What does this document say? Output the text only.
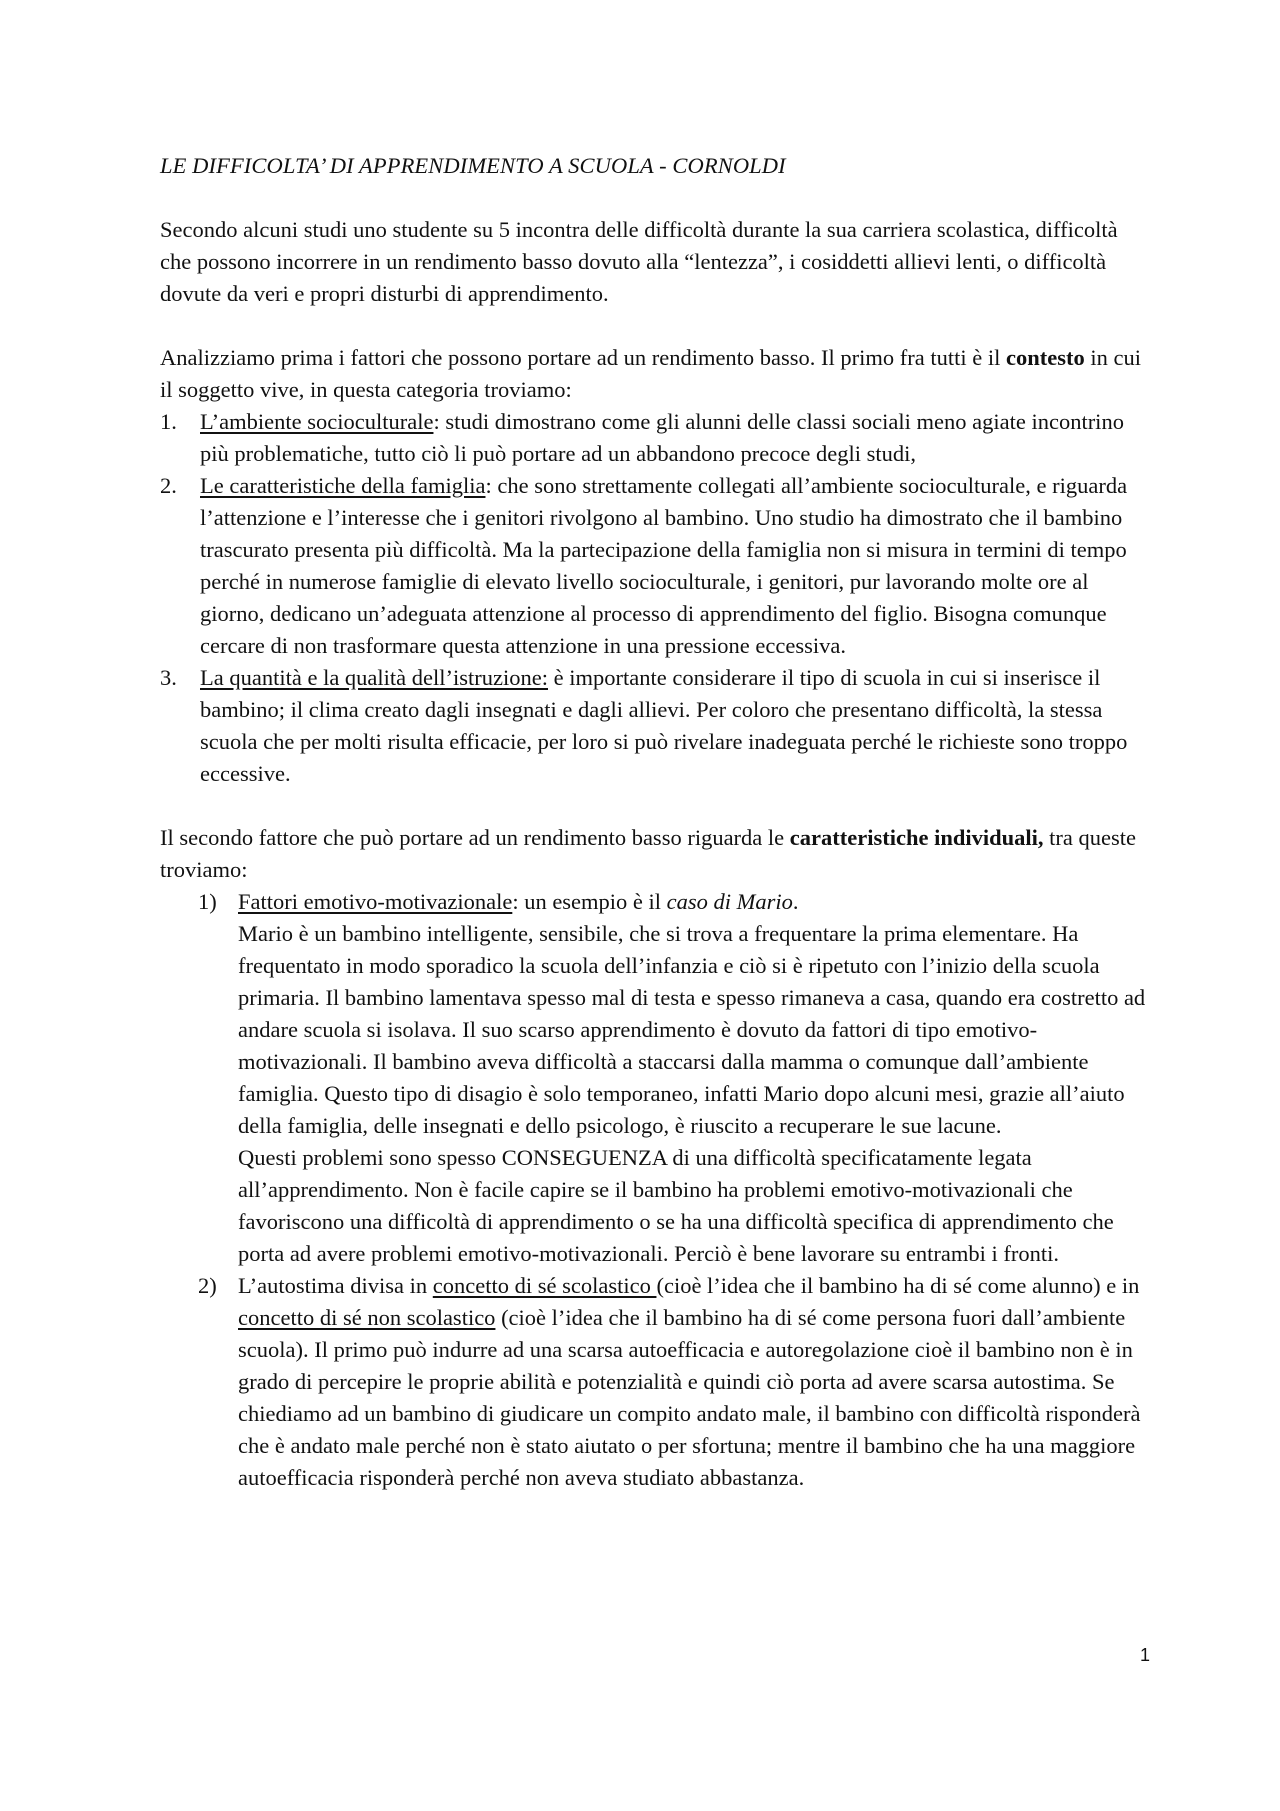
LE DIFFICOLTA’ DI APPRENDIMENTO A SCUOLA - CORNOLDI

Secondo alcuni studi uno studente su 5 incontra delle difficoltà durante la sua carriera scolastica, difficoltà che possono incorrere in un rendimento basso dovuto alla “lentezza”, i cosiddetti allievi lenti, o difficoltà dovute da veri e propri disturbi di apprendimento.

Analizziamo prima i fattori che possono portare ad un rendimento basso. Il primo fra tutti è il contesto in cui il soggetto vive, in questa categoria troviamo:

1. L’ambiente socioculturale: studi dimostrano come gli alunni delle classi sociali meno agiate incontrino più problematiche, tutto ciò li può portare ad un abbandono precoce degli studi,
2. Le caratteristiche della famiglia: che sono strettamente collegati all’ambiente socioculturale, e riguarda l’attenzione e l’interesse che i genitori rivolgono al bambino. Uno studio ha dimostrato che il bambino trascurato presenta più difficoltà. Ma la partecipazione della famiglia non si misura in termini di tempo perché in numerose famiglie di elevato livello socioculturale, i genitori, pur lavorando molte ore al giorno, dedicano un’adeguata attenzione al processo di apprendimento del figlio. Bisogna comunque cercare di non trasformare questa attenzione in una pressione eccessiva.
3. La quantità e la qualità dell’istruzione: è importante considerare il tipo di scuola in cui si inserisce il bambino; il clima creato dagli insegnati e dagli allievi. Per coloro che presentano difficoltà, la stessa scuola che per molti risulta efficacie, per loro si può rivelare inadeguata perché le richieste sono troppo eccessive.

Il secondo fattore che può portare ad un rendimento basso riguarda le caratteristiche individuali, tra queste troviamo:

1) Fattori emotivo-motivazionale: un esempio è il caso di Mario.

Mario è un bambino intelligente, sensibile, che si trova a frequentare la prima elementare. Ha frequentato in modo sporadico la scuola dell’infanzia e ciò si è ripetuto con l’inizio della scuola primaria. Il bambino lamentava spesso mal di testa e spesso rimaneva a casa, quando era costretto ad andare scuola si isolava. Il suo scarso apprendimento è dovuto da fattori di tipo emotivo-motivazionali. Il bambino aveva difficoltà a staccarsi dalla mamma o comunque dall’ambiente famiglia. Questo tipo di disagio è solo temporaneo, infatti Mario dopo alcuni mesi, grazie all’aiuto della famiglia, delle insegnati e dello psicologo, è riuscito a recuperare le sue lacune.

Questi problemi sono spesso CONSEGUENZA di una difficoltà specificatamente legata all’apprendimento. Non è facile capire se il bambino ha problemi emotivo-motivazionali che favoriscono una difficoltà di apprendimento o se ha una difficoltà specifica di apprendimento che porta ad avere problemi emotivo-motivazionali. Perciò è bene lavorare su entrambi i fronti.

2) L’autostima divisa in concetto di sé scolastico (cioè l’idea che il bambino ha di sé come alunno) e in concetto di sé non scolastico (cioè l’idea che il bambino ha di sé come persona fuori dall’ambiente scuola). Il primo può indurre ad una scarsa autoefficacia e autoregolazione cioè il bambino non è in grado di percepire le proprie abilità e potenzialità e quindi ciò porta ad avere scarsa autostima. Se chiediamo ad un bambino di giudicare un compito andato male, il bambino con difficoltà risponderà che è andato male perché non è stato aiutato o per sfortuna; mentre il bambino che ha una maggiore autoefficacia risponderà perché non aveva studiato abbastanza.
1
